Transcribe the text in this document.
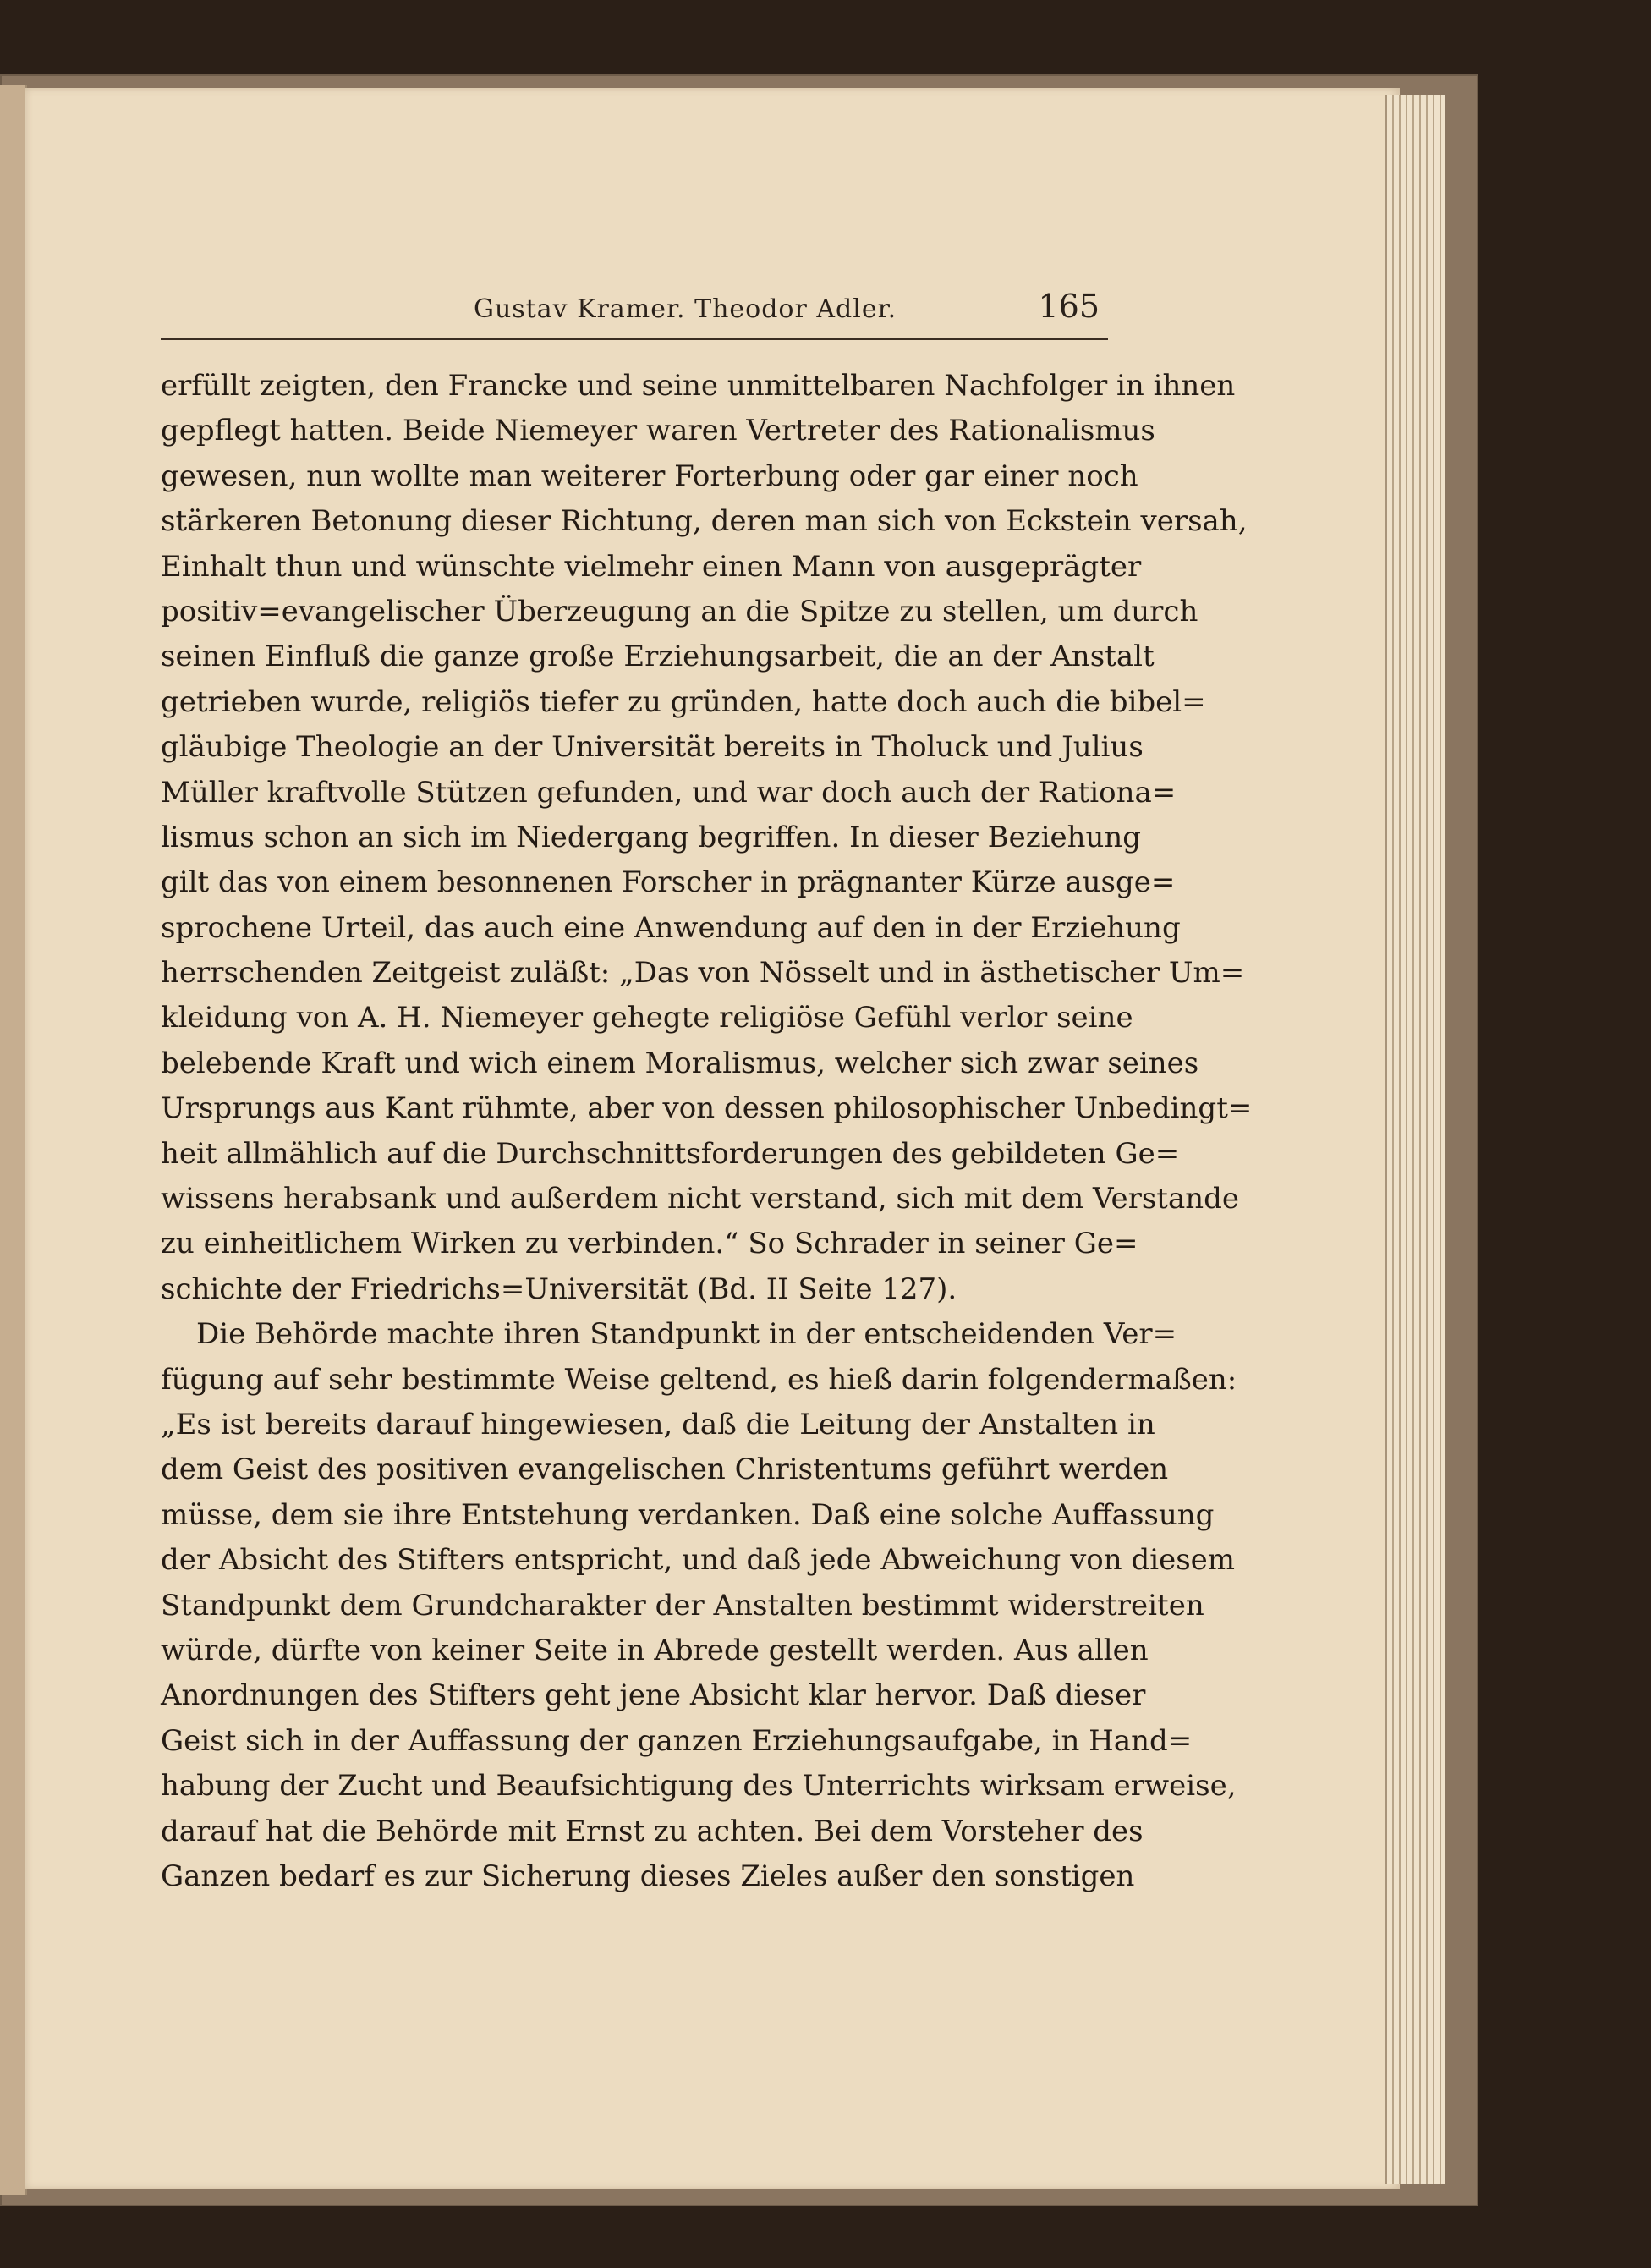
Gustav Kramer. Theodor Adler.	165
erfüllt zeigten, den Francke und seine unmittelbaren Nachfolger in ihnen
gepflegt hatten. Beide Niemeyer waren Vertreter des Rationalismus
gewesen, nun wollte man weiterer Forterbung oder gar einer noch
stärkeren Betonung dieser Richtung, deren man sich von Eckstein versah,
Einhalt thun und wünschte vielmehr einen Mann von ausgeprägter
positiv=evangelischer Überzeugung an die Spitze zu stellen, um durch
seinen Einfluß die ganze große Erziehungsarbeit, die an der Anstalt
getrieben wurde, religiös tiefer zu gründen, hatte doch auch die bibel=
gläubige Theologie an der Universität bereits in Tholuck und Julius
Müller kraftvolle Stützen gefunden, und war doch auch der Rationa=
lismus schon an sich im Niedergang begriffen. In dieser Beziehung
gilt das von einem besonnenen Forscher in prägnanter Kürze ausge=
sprochene Urteil, das auch eine Anwendung auf den in der Erziehung
herrschenden Zeitgeist zuläßt: „Das von Nösselt und in ästhetischer Um=
kleidung von A. H. Niemeyer gehegte religiöse Gefühl verlor seine
belebende Kraft und wich einem Moralismus, welcher sich zwar seines
Ursprungs aus Kant rühmte, aber von dessen philosophischer Unbedingt=
heit allmählich auf die Durchschnittsforderungen des gebildeten Ge=
wissens herabsank und außerdem nicht verstand, sich mit dem Verstande
zu einheitlichem Wirken zu verbinden.“ So Schrader in seiner Ge=
schichte der Friedrichs=Universität (Bd. II Seite 127).
Die Behörde machte ihren Standpunkt in der entscheidenden Ver=
fügung auf sehr bestimmte Weise geltend, es hieß darin folgendermaßen:
„Es ist bereits darauf hingewiesen, daß die Leitung der Anstalten in
dem Geist des positiven evangelischen Christentums geführt werden
müsse, dem sie ihre Entstehung verdanken. Daß eine solche Auffassung
der Absicht des Stifters entspricht, und daß jede Abweichung von diesem
Standpunkt dem Grundcharakter der Anstalten bestimmt widerstreiten
würde, dürfte von keiner Seite in Abrede gestellt werden. Aus allen
Anordnungen des Stifters geht jene Absicht klar hervor. Daß dieser
Geist sich in der Auffassung der ganzen Erziehungsaufgabe, in Hand=
habung der Zucht und Beaufsichtigung des Unterrichts wirksam erweise,
darauf hat die Behörde mit Ernst zu achten. Bei dem Vorsteher des
Ganzen bedarf es zur Sicherung dieses Zieles außer den sonstigen
